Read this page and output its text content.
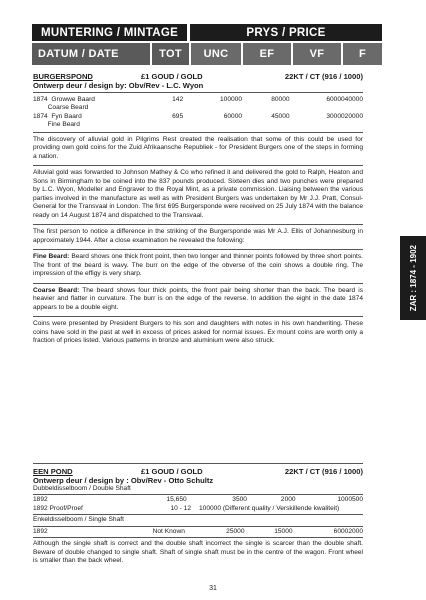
MUNTERING / MINTAGE	PRYS / PRICE
DATUM / DATE	TOT	UNC	EF	VF	F
BURGERSPOND	£1 GOUD / GOLD	22KT / CT (916 / 1000)
Ontwerp deur / design by: Obv/Rev - L.C. Wyon
1874  Growwe Baard	142	100000	80000	60000 40000
Coarse Beard
1874  Fyn Baard	695	60000	45000	30000 20000
Fine Beard

The discovery of alluvial gold in Pilgrims Rest created the realisation that some of this could be used for providing own gold coins for the Zuid Afrikaansche Republiek - for President Burgers one of the steps in forming a nation.

Alluvial gold was forwarded to Johnson Mathey & Co who refined it and delivered the gold to Ralph, Heaton and Sons in Birmingham to be coined into the 837 pounds produced. Sixteen dies and two punches were prepared by L.C. Wyon, Modeller and Engraver to the Royal Mint, as a private commission. Liaising between the various parties involved in the manufacture as well as with President Burgers was undertaken by Mr J.J. Pratt, Consul-General for the Transvaal in London. The first 695 Burgersponde were received on 25 July 1874 with the balance ready on 14 August 1874 and dispatched to the Transvaal.

The first person to notice a difference in the striking of the Burgersponde was Mr A.J. Ellis of Johannesburg in approximately 1944. After a close examination he revealed the following:

Fine Beard: Beard shows one thick front point, then two longer and thinner points followed by three short points. The front of the beard is wavy. The burr on the edge of the obverse of the coin shows a double ring. The impression of the effigy is very sharp.

Coarse Beard: The beard shows four thick points, the front pair being shorter than the back. The beard is heavier and flatter in curvature. The burr is on the edge of the reverse. In addition the eight in the date 1874 appears to be a double eight.

Coins were presented by President Burgers to his son and daughters with notes in his own handwriting. These coins have sold in the past at well in excess of prices asked for normal issues. Ex mount coins are worth only a fraction of prices listed. Various patterns in bronze and aluminium were also struck.

EEN POND	£1 GOUD / GOLD	22KT / CT (916 / 1000)
Ontwerp deur / design by : Obv/Rev - Otto Schultz
Dubbeldisselboom / Double Shaft
1892	15,650	3500	2000	1000 500
1892 Proof/Proef	10 - 12	100000 (Different quality / Verskillende kwaliteit)
Enkeldisselboom / Single Shaft
1892	Not Known	25000	15000	6000 2000

Although the single shaft is correct and the double shaft incorrect the single is scarcer than the double shaft. Beware of double changed to single shaft. Shaft of single shaft must be in the centre of the wagon. Front wheel is smaller than the back wheel.

ZAR : 1874 - 1902
31
